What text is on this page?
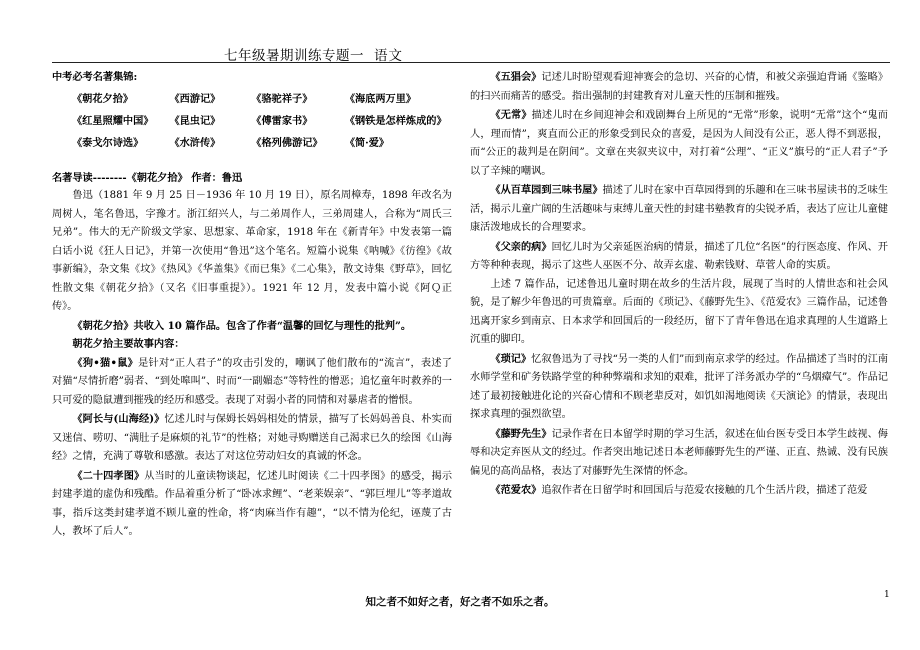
七年级暑期训练专题一 语文
中考必考名著集锦:
《朝花夕拾》	《西游记》	《骆驼祥子》	《海底两万里》
《红星照耀中国》	《昆虫记》	《傅雷家书》	《钢铁是怎样炼成的》
《泰戈尔诗选》	《水浒传》	《格列佛游记》	《简·爱》
名著导读--------《朝花夕拾》 作者：鲁迅

鲁迅（1881 年 9 月 25 日－1936 年 10 月 19 日），原名周樟寿，1898 年改名为周树人，笔名鲁迅，字豫才。浙江绍兴人，与二弟周作人，三弟周建人，合称为“周氏三兄弟”。伟大的无产阶级文学家、思想家、革命家，1918 年在《新青年》中发表第一篇白话小说《狂人日记》，并第一次使用“鲁迅”这个笔名。短篇小说集《呐喊》《彷徨》《故事新编》，杂文集《坟》《热风》《华盖集》《而已集》《二心集》，散文诗集《野草》，回忆性散文集《朝花夕拾》（又名《旧事重提》）。1921 年 12 月，发表中篇小说《阿Ｑ正传》。

《朝花夕拾》共收入 10 篇作品。包含了作者“温馨的回忆与理性的批判”。

朝花夕拾主要故事内容：

《狗•猫•鼠》是针对“正人君子”的攻击引发的，嘲讽了他们散布的“流言”，表述了对猫“尽情折磨”弱者、“到处嗥叫”、时而“一副媚态”等特性的憎恶；追忆童年时救养的一只可爱的隐鼠遭到摧残的经历和感受。表现了对弱小者的同情和对暴虐者的憎恨。

《阿长与(山海经)》忆述儿时与保姆长妈妈相处的情景，描写了长妈妈善良、朴实而又迷信、唠叨、“满肚子是麻烦的礼节”的性格；对她寻购赠送自己渴求已久的绘图《山海经》之情，充满了尊敬和感激。表达了对这位劳动妇女的真诚的怀念。

《二十四孝图》从当时的儿童读物谈起，忆述儿时阅读《二十四孝图》的感受，揭示封建孝道的虚伪和残酷。作品着重分析了“卧冰求鲤”、“老莱娱亲”、“郭巨埋儿”等孝道故事，指斥这类封建孝道不顾儿童的性命，将“肉麻当作有趣”，“以不情为伦纪，诬蔑了古人，教坏了后人”。

《五猖会》记述儿时盼望观看迎神赛会的急切、兴奋的心情，和被父亲强迫背诵《鉴略》的扫兴而痛苦的感受。指出强制的封建教育对儿童天性的压制和摧残。

《无常》描述儿时在乡间迎神会和戏剧舞台上所见的“无常”形象，说明“无常”这个“鬼而人，理而情”，爽直而公正的形象受到民众的喜爱，是因为人间没有公正，恶人得不到恶报，而“公正的裁判是在阴间”。文章在夹叙夹议中，对打着“公理”、“正义”旗号的“正人君子”予以了辛辣的嘲讽。

《从百草园到三味书屋》描述了儿时在家中百草园得到的乐趣和在三味书屋读书的乏味生活，揭示儿童广阔的生活趣味与束缚儿童天性的封建书塾教育的尖锐矛盾，表达了应让儿童健康活泼地成长的合理要求。

《父亲的病》回忆儿时为父亲延医治病的情景，描述了几位“名医”的行医态度、作风、开方等种种表现，揭示了这些人巫医不分、故弄玄虚、勒索钱财、草菅人命的实质。

上述 7 篇作品，记述鲁迅儿童时期在故乡的生活片段，展现了当时的人情世态和社会风貌，是了解少年鲁迅的可贵篇章。后面的《琐记》、《藤野先生》、《范爱农》三篇作品，记述鲁迅离开家乡到南京、日本求学和回国后的一段经历，留下了青年鲁迅在追求真理的人生道路上沉重的脚印。

《琐记》忆叙鲁迅为了寻找“另一类的人们”而到南京求学的经过。作品描述了当时的江南水师学堂和矿务铁路学堂的种种弊端和求知的艰难，批评了洋务派办学的“乌烟瘴气”。作品记述了最初接触进化论的兴奋心情和不顾老辈反对，如饥如渴地阅读《天演论》的情景，表现出探求真理的强烈欲望。

《藤野先生》记录作者在日本留学时期的学习生活，叙述在仙台医专受日本学生歧视、侮辱和决定弃医从文的经过。作者突出地记述日本老师藤野先生的严谨、正直、热诚、没有民族偏见的高尚品格，表达了对藤野先生深情的怀念。

《范爱农》追叙作者在日留学时和回国后与范爱农接触的几个生活片段，描述了范爱

知之者不如好之者，好之者不如乐之者。
1
